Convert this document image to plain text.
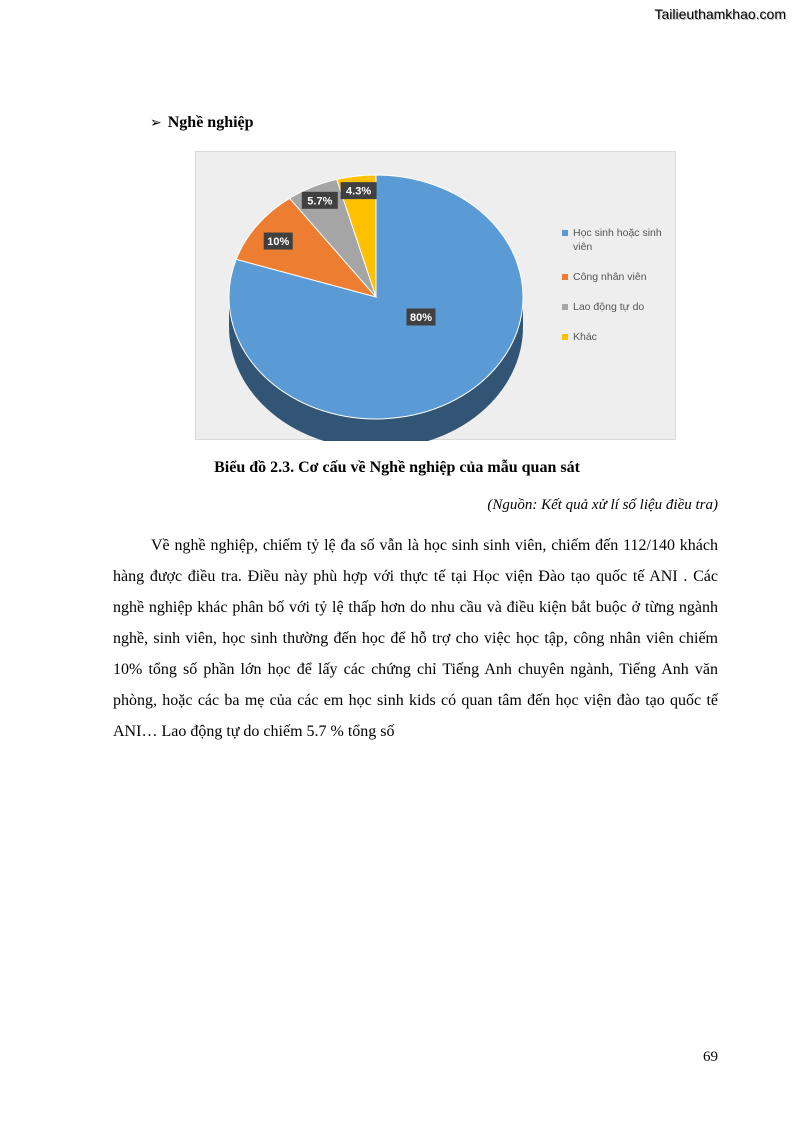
Tailieuthamkhao.com
➢ Nghề nghiệp
80%
10%
5.7%
4.3%
Học sinh hoặc sinh viên
Công nhân viên
Lao động tự do
Khác
Biểu đồ 2.3. Cơ cấu về Nghề nghiệp của mẫu quan sát
(Nguồn: Kết quả xử lí số liệu điều tra)

Về nghề nghiệp, chiếm tỷ lệ đa số vẫn là học sinh sinh viên, chiếm đến 112/140 khách hàng được điều tra. Điều này phù hợp với thực tế tại Học viện Đào tạo quốc tế ANI . Các nghề nghiệp khác phân bố với tỷ lệ thấp hơn do nhu cầu và điều kiện bắt buộc ở từng ngành nghề, sinh viên, học sinh thường đến học để hỗ trợ cho việc học tập, công nhân viên chiếm 10% tổng số phần lớn học để lấy các chứng chỉ Tiếng Anh chuyên ngành, Tiếng Anh văn phòng, hoặc các ba mẹ của các em học sinh kids có quan tâm đến học viện đào tạo quốc tế ANI… Lao động tự do chiếm 5.7 % tổng số

69
